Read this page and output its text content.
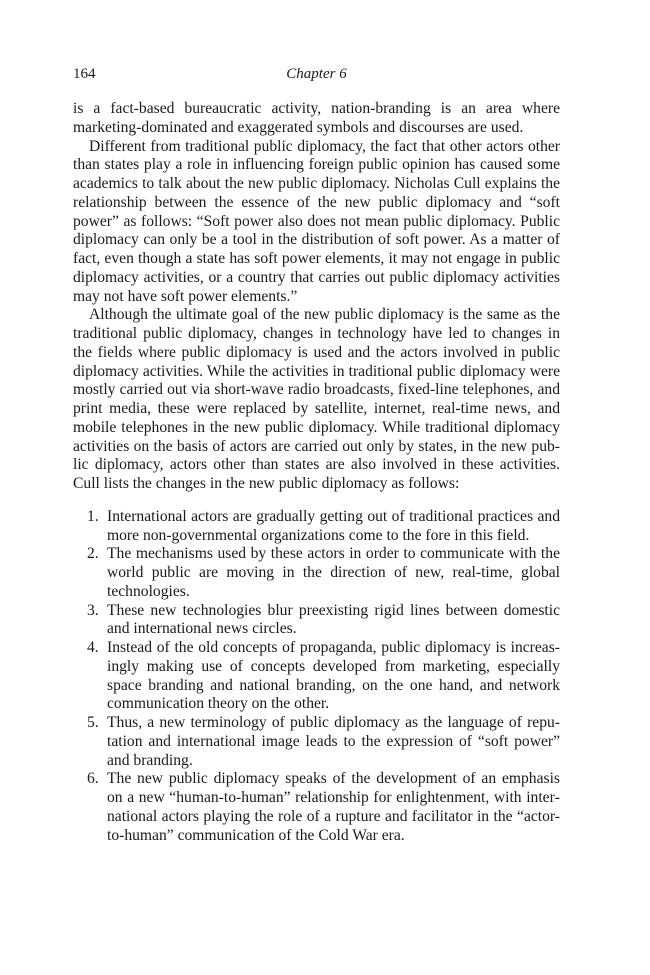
164	Chapter 6

is a fact-based bureaucratic activity, nation-branding is an area where marketing-dominated and exaggerated symbols and discourses are used.

Different from traditional public diplomacy, the fact that other actors other than states play a role in influencing foreign public opinion has caused some academics to talk about the new public diplomacy. Nicholas Cull explains the relationship between the essence of the new public diplomacy and “soft power” as follows: “Soft power also does not mean public diplomacy. Public diplomacy can only be a tool in the distribution of soft power. As a matter of fact, even though a state has soft power elements, it may not engage in public diplomacy activities, or a country that carries out public diplomacy activities may not have soft power elements.”

Although the ultimate goal of the new public diplomacy is the same as the traditional public diplomacy, changes in technology have led to changes in the fields where public diplomacy is used and the actors involved in public diplomacy activities. While the activities in traditional public diplomacy were mostly carried out via short-wave radio broadcasts, fixed-line telephones, and print media, these were replaced by satellite, internet, real-time news, and mobile telephones in the new public diplomacy. While traditional diplomacy activities on the basis of actors are carried out only by states, in the new public diplomacy, actors other than states are also involved in these activities. Cull lists the changes in the new public diplomacy as follows:

1. International actors are gradually getting out of traditional practices and more non-governmental organizations come to the fore in this field.
2. The mechanisms used by these actors in order to communicate with the world public are moving in the direction of new, real-time, global technologies.
3. These new technologies blur preexisting rigid lines between domestic and international news circles.
4. Instead of the old concepts of propaganda, public diplomacy is increasingly making use of concepts developed from marketing, especially space branding and national branding, on the one hand, and network communication theory on the other.
5. Thus, a new terminology of public diplomacy as the language of reputation and international image leads to the expression of “soft power” and branding.
6. The new public diplomacy speaks of the development of an emphasis on a new “human-to-human” relationship for enlightenment, with international actors playing the role of a rupture and facilitator in the “actor-to-human” communication of the Cold War era.
